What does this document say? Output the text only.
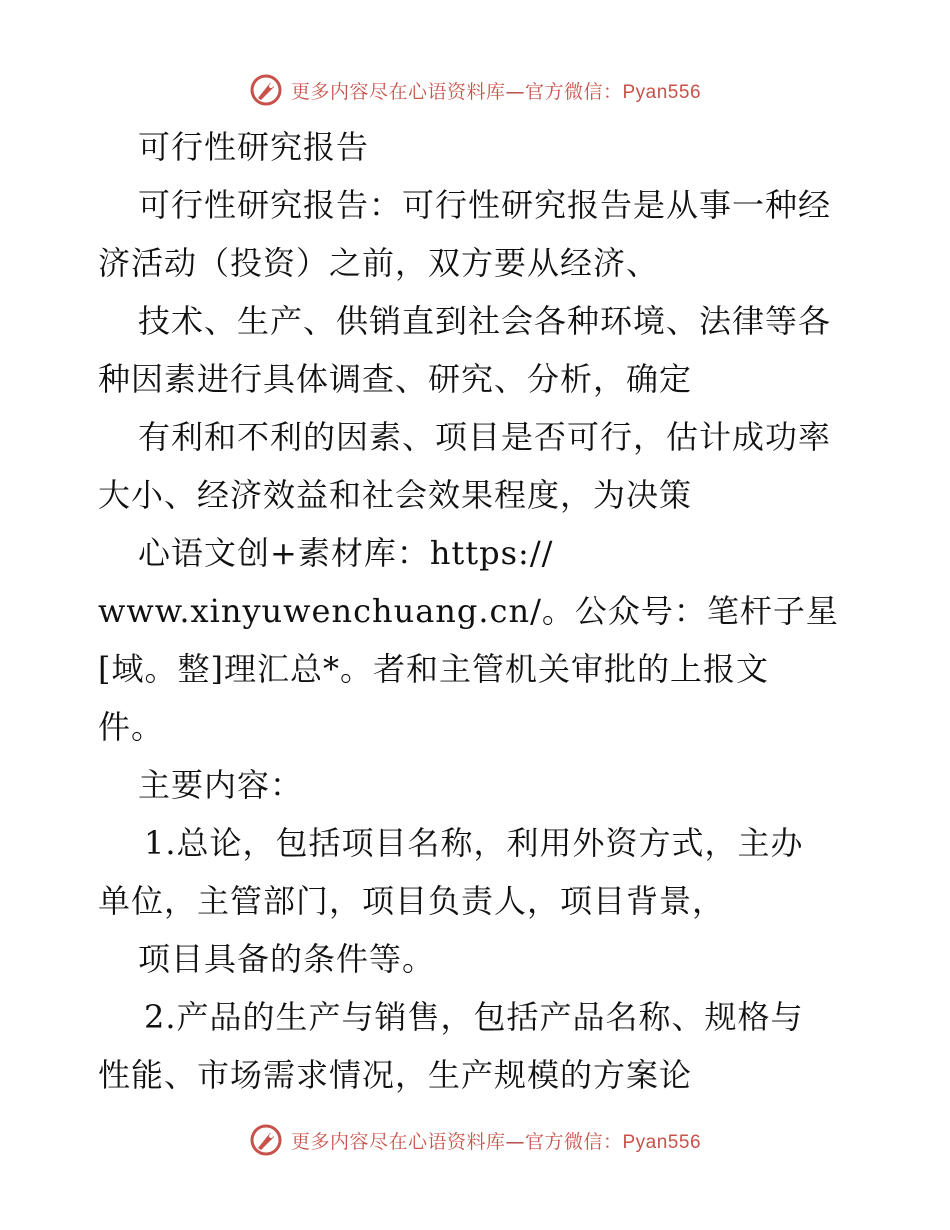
更多内容尽在心语资料库—官方微信：Pyan556
可行性研究报告
可行性研究报告：可行性研究报告是从事一种经
济活动（投资）之前，双方要从经济、
技术、生产、供销直到社会各种环境、法律等各
种因素进行具体调查、研究、分析，确定
有利和不利的因素、项目是否可行，估计成功率
大小、经济效益和社会效果程度，为决策
心语文创+素材库：https://
www.xinyuwenchuang.cn/。公众号：笔杆子星
[域。整]理汇总*。者和主管机关审批的上报文
件。
主要内容：
1.总论，包括项目名称，利用外资方式，主办
单位，主管部门，项目负责人，项目背景，
项目具备的条件等。
2.产品的生产与销售，包括产品名称、规格与
性能、市场需求情况，生产规模的方案论
更多内容尽在心语资料库—官方微信：Pyan556
